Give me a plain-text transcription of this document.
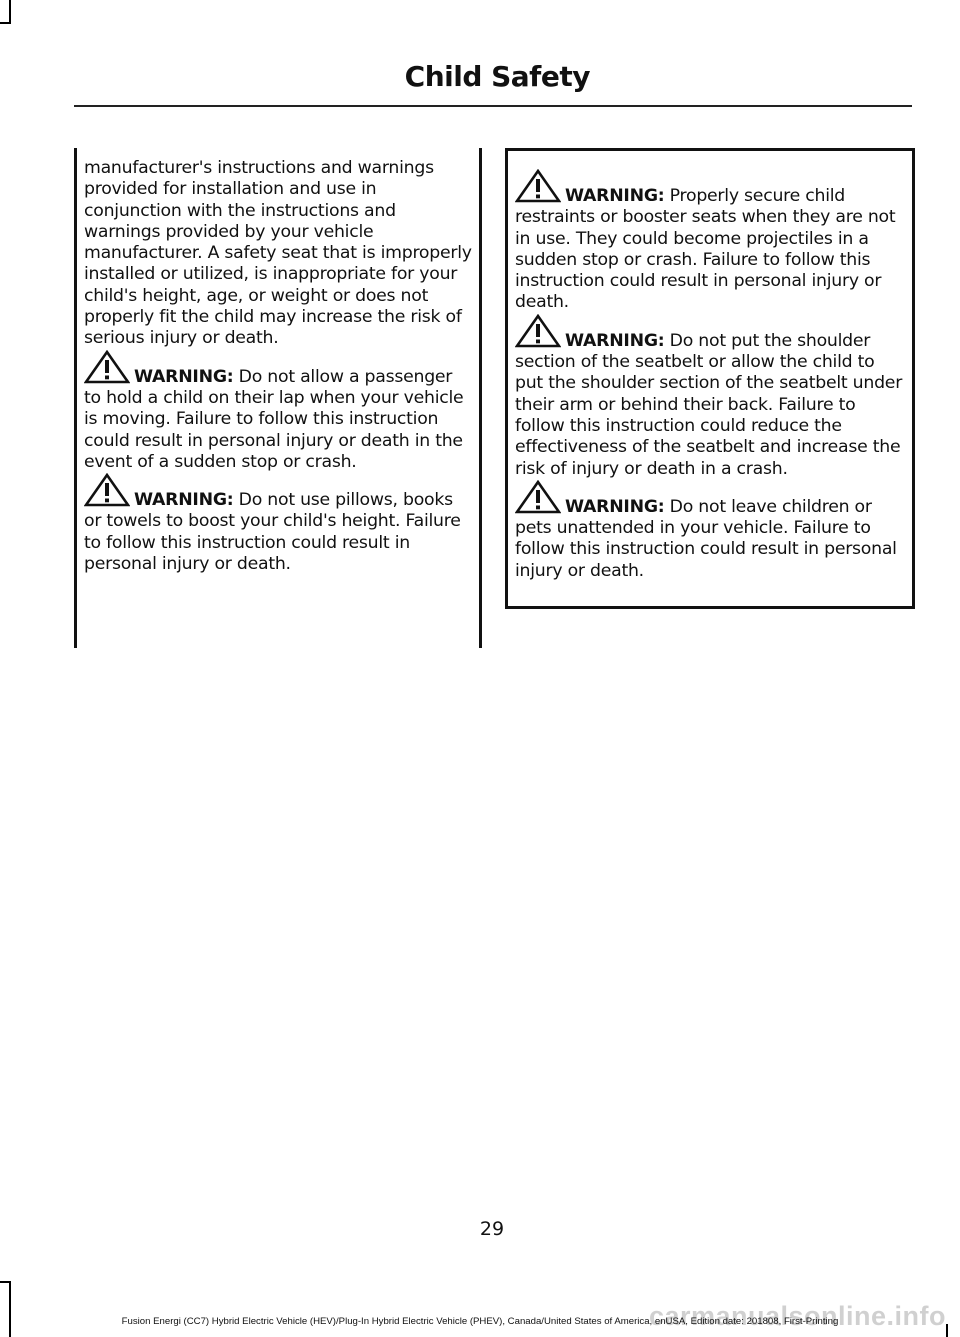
Child Safety

manufacturer's instructions and warnings provided for installation and use in conjunction with the instructions and warnings provided by your vehicle manufacturer. A safety seat that is improperly installed or utilized, is inappropriate for your child's height, age, or weight or does not properly fit the child may increase the risk of serious injury or death.

WARNING: Do not allow a passenger to hold a child on their lap when your vehicle is moving. Failure to follow this instruction could result in personal injury or death in the event of a sudden stop or crash.

WARNING: Do not use pillows, books or towels to boost your child's height. Failure to follow this instruction could result in personal injury or death.

WARNING: Properly secure child restraints or booster seats when they are not in use. They could become projectiles in a sudden stop or crash. Failure to follow this instruction could result in personal injury or death.

WARNING: Do not put the shoulder section of the seatbelt or allow the child to put the shoulder section of the seatbelt under their arm or behind their back. Failure to follow this instruction could reduce the effectiveness of the seatbelt and increase the risk of injury or death in a crash.

WARNING: Do not leave children or pets unattended in your vehicle. Failure to follow this instruction could result in personal injury or death.

29
carmanualsonline.info
Fusion Energi (CC7) Hybrid Electric Vehicle (HEV)/Plug-In Hybrid Electric Vehicle (PHEV), Canada/United States of America, enUSA, Edition date: 201808, First-Printing
